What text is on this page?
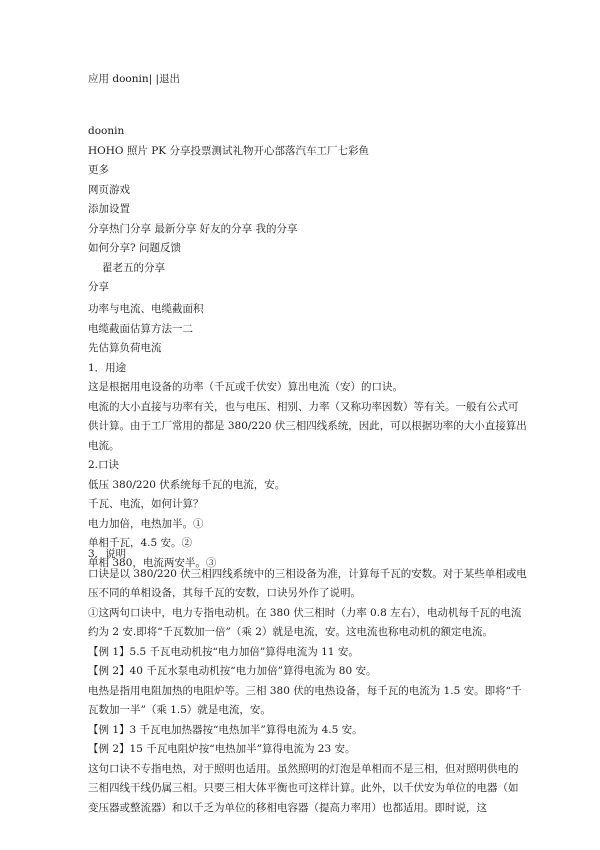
应用 doonin| |退出

doonin

HOHO 照片 PK 分享投票测试礼物开心部落汽车工厂七彩鱼

更多

网页游戏

添加设置

分享热门分享 最新分享 好友的分享 我的分享

如何分享? 问题反馈

翟老五的分享

分享

功率与电流、电缆截面积

电缆截面估算方法一二

先估算负荷电流

1．用途

这是根据用电设备的功率（千瓦或千伏安）算出电流（安）的口诀。

电流的大小直接与功率有关，也与电压、相别、力率（又称功率因数）等有关。一般有公式可供计算。由于工厂常用的都是 380/220 伏三相四线系统，因此，可以根据功率的大小直接算出电流。

2.口诀

低压 380/220 伏系统每千瓦的电流，安。

千瓦、电流，如何计算？

电力加倍，电热加半。①

单相千瓦，4.5 安。②

单相 380，电流两安半。③

3．说明

口诀是以 380/220 伏三相四线系统中的三相设备为准，计算每千瓦的安数。对于某些单相或电压不同的单相设备，其每千瓦的安数，口诀另外作了说明。

①这两句口诀中，电力专指电动机。在 380 伏三相时（力率 0.8 左右），电动机每千瓦的电流约为 2 安.即将“千瓦数加一倍”（乘 2）就是电流，安。这电流也称电动机的额定电流。

【例 1】5.5 千瓦电动机按“电力加倍”算得电流为 11 安。

【例 2】40 千瓦水泵电动机按“电力加倍”算得电流为 80 安。

电热是指用电阻加热的电阻炉等。三相 380 伏的电热设备，每千瓦的电流为 1.5 安。即将“千瓦数加一半”（乘 1.5）就是电流，安。

【例 1】3 千瓦电加热器按“电热加半”算得电流为 4.5 安。

【例 2】15 千瓦电阻炉按“电热加半”算得电流为 23 安。

这句口诀不专指电热，对于照明也适用。虽然照明的灯泡是单相而不是三相，但对照明供电的三相四线干线仍属三相。只要三相大体平衡也可这样计算。此外，以千伏安为单位的电器（如变压器或整流器）和以千乏为单位的移相电容器（提高力率用）也都适用。即时说，这
